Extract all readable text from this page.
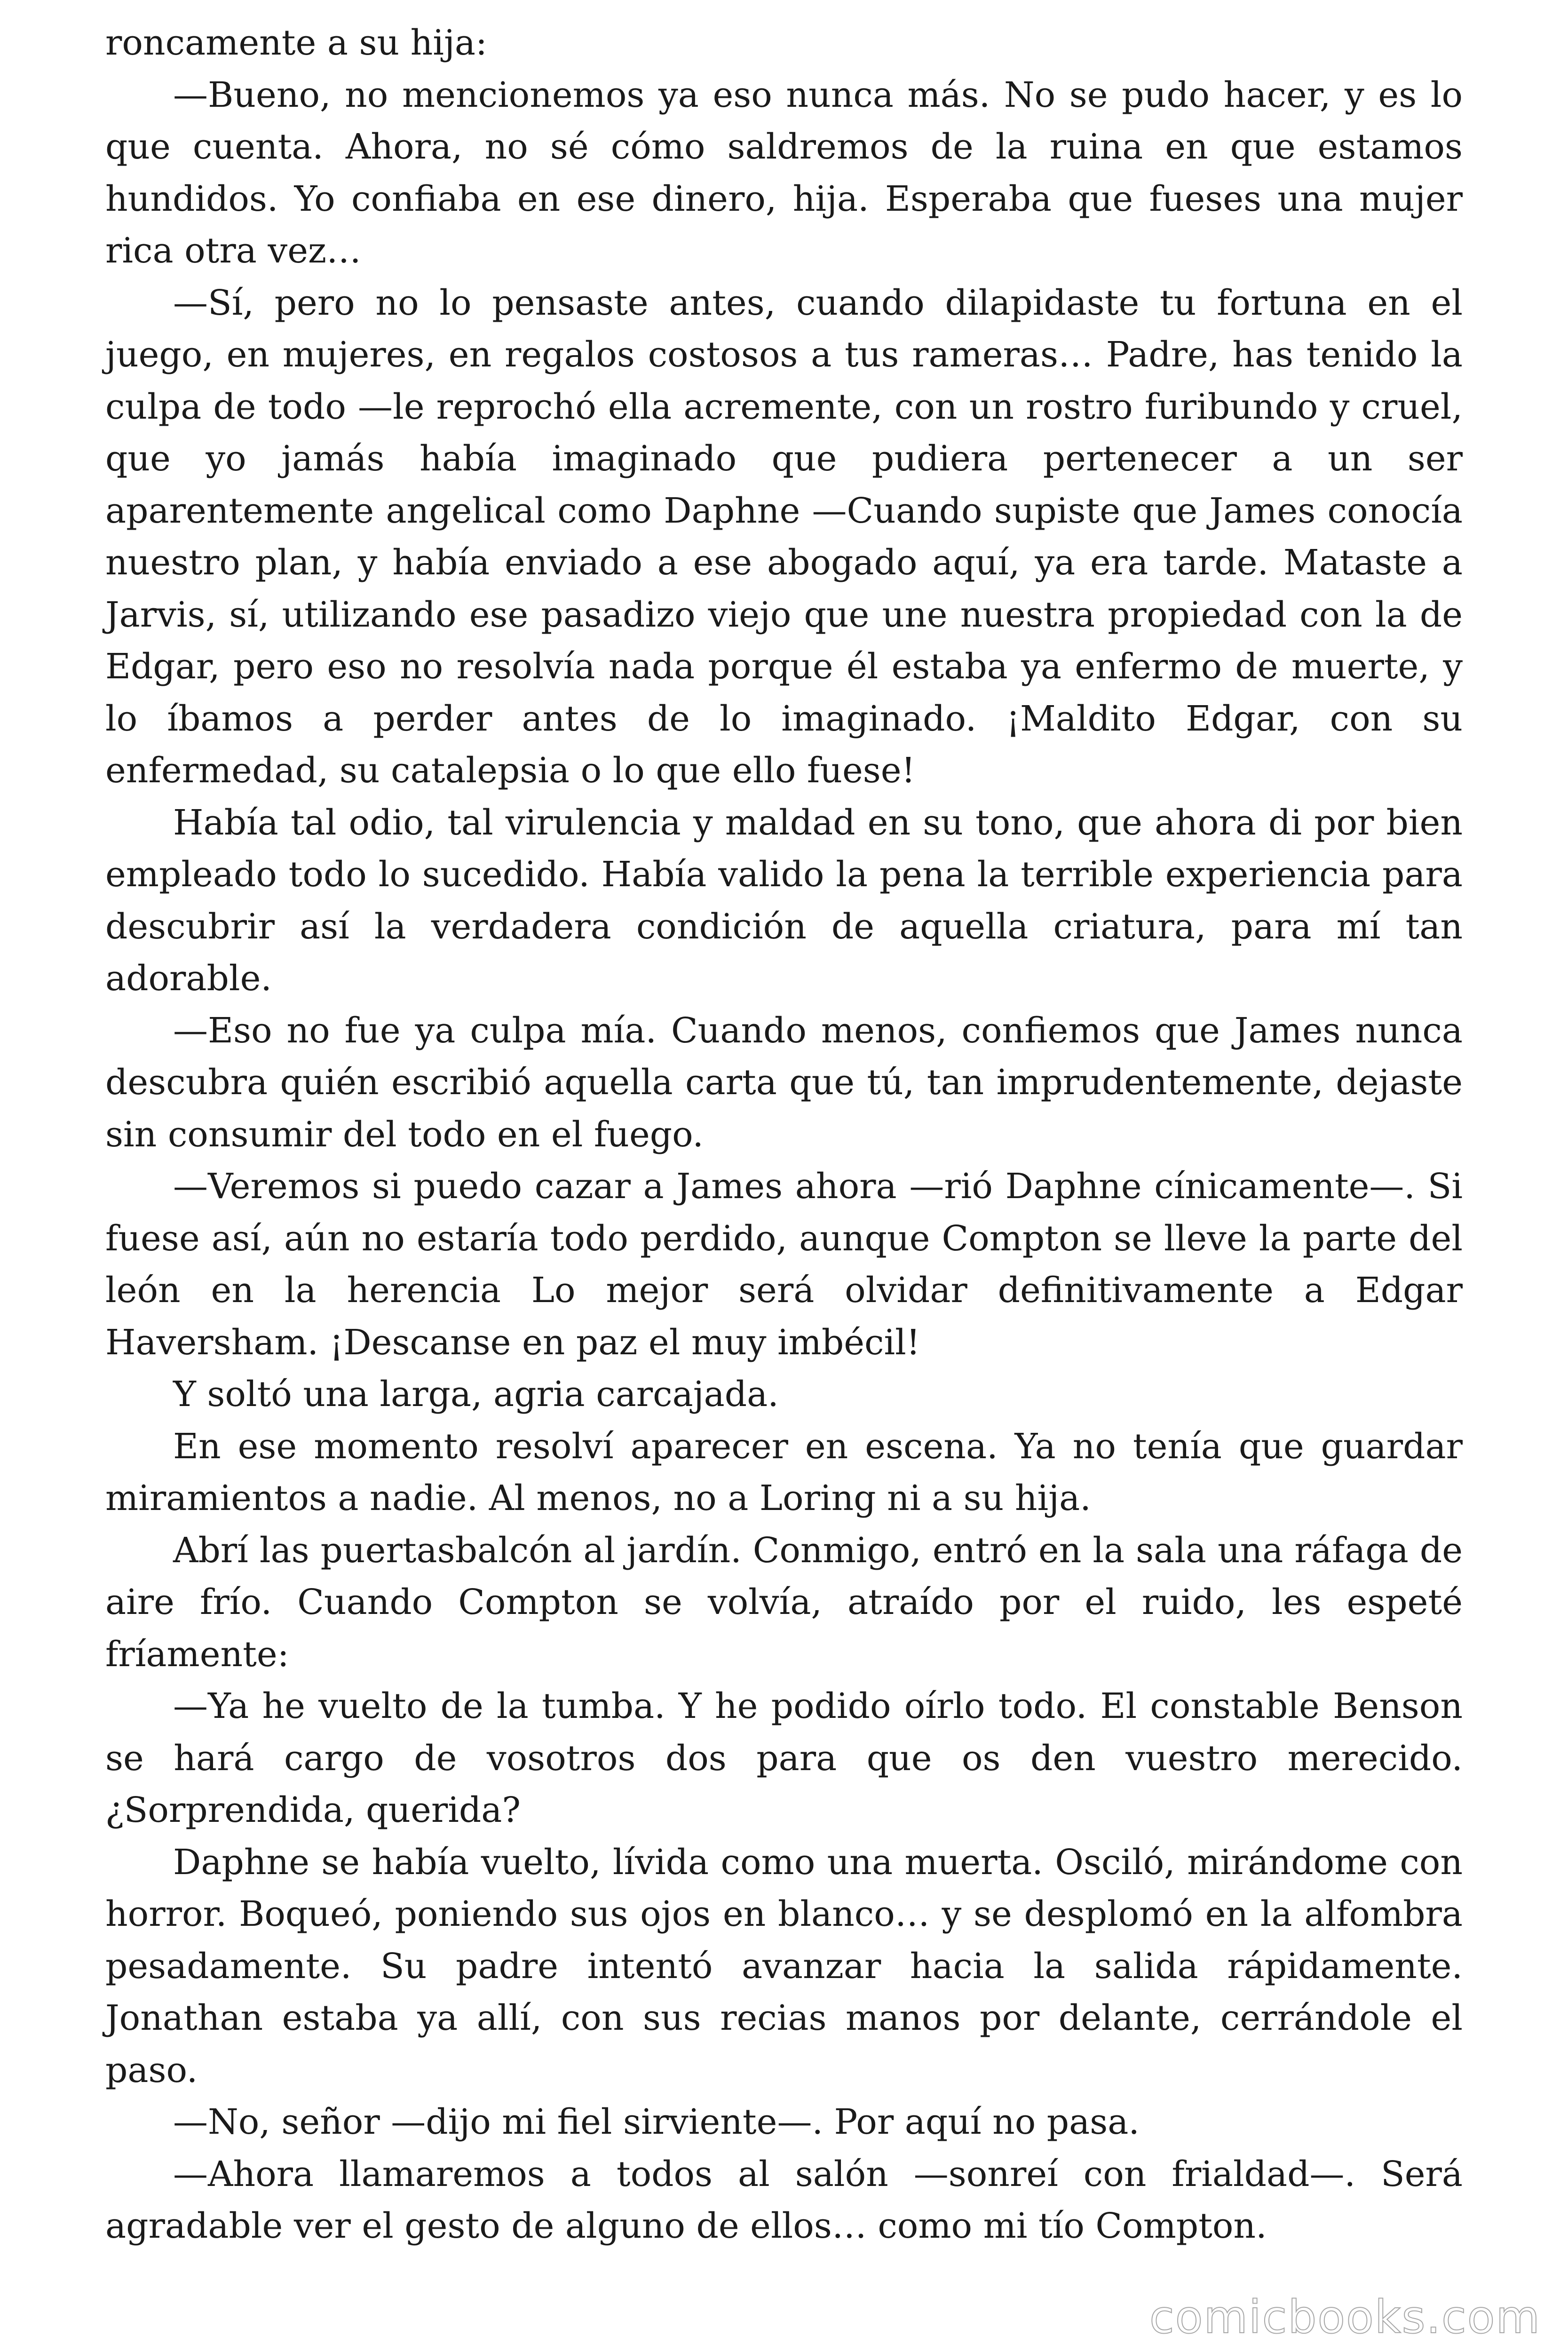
roncamente a su hija:

—Bueno, no mencionemos ya eso nunca más. No se pudo hacer, y es lo que cuenta. Ahora, no sé cómo saldremos de la ruina en que estamos hundidos. Yo confiaba en ese dinero, hija. Esperaba que fueses una mujer rica otra vez…

—Sí, pero no lo pensaste antes, cuando dilapidaste tu fortuna en el juego, en mujeres, en regalos costosos a tus rameras… Padre, has tenido la culpa de todo —le reprochó ella acremente, con un rostro furibundo y cruel, que yo jamás había imaginado que pudiera pertenecer a un ser aparentemente angelical como Daphne —Cuando supiste que James conocía nuestro plan, y había enviado a ese abogado aquí, ya era tarde. Mataste a Jarvis, sí, utilizando ese pasadizo viejo que une nuestra propiedad con la de Edgar, pero eso no resolvía nada porque él estaba ya enfermo de muerte, y lo íbamos a perder antes de lo imaginado. ¡Maldito Edgar, con su enfermedad, su catalepsia o lo que ello fuese!

Había tal odio, tal virulencia y maldad en su tono, que ahora di por bien empleado todo lo sucedido. Había valido la pena la terrible experiencia para descubrir así la verdadera condición de aquella criatura, para mí tan adorable.

—Eso no fue ya culpa mía. Cuando menos, confiemos que James nunca descubra quién escribió aquella carta que tú, tan imprudentemente, dejaste sin consumir del todo en el fuego.

—Veremos si puedo cazar a James ahora —rió Daphne cínicamente—. Si fuese así, aún no estaría todo perdido, aunque Compton se lleve la parte del león en la herencia Lo mejor será olvidar definitivamente a Edgar Haversham. ¡Descanse en paz el muy imbécil!

Y soltó una larga, agria carcajada.

En ese momento resolví aparecer en escena. Ya no tenía que guardar miramientos a nadie. Al menos, no a Loring ni a su hija.

Abrí las puertasbalcón al jardín. Conmigo, entró en la sala una ráfaga de aire frío. Cuando Compton se volvía, atraído por el ruido, les espeté fríamente:

—Ya he vuelto de la tumba. Y he podido oírlo todo. El constable Benson se hará cargo de vosotros dos para que os den vuestro merecido. ¿Sorprendida, querida?

Daphne se había vuelto, lívida como una muerta. Osciló, mirándome con horror. Boqueó, poniendo sus ojos en blanco… y se desplomó en la alfombra pesadamente. Su padre intentó avanzar hacia la salida rápidamente. Jonathan estaba ya allí, con sus recias manos por delante, cerrándole el paso.

—No, señor —dijo mi fiel sirviente—. Por aquí no pasa.

—Ahora llamaremos a todos al salón —sonreí con frialdad—. Será agradable ver el gesto de alguno de ellos… como mi tío Compton.

comicbooks.com
